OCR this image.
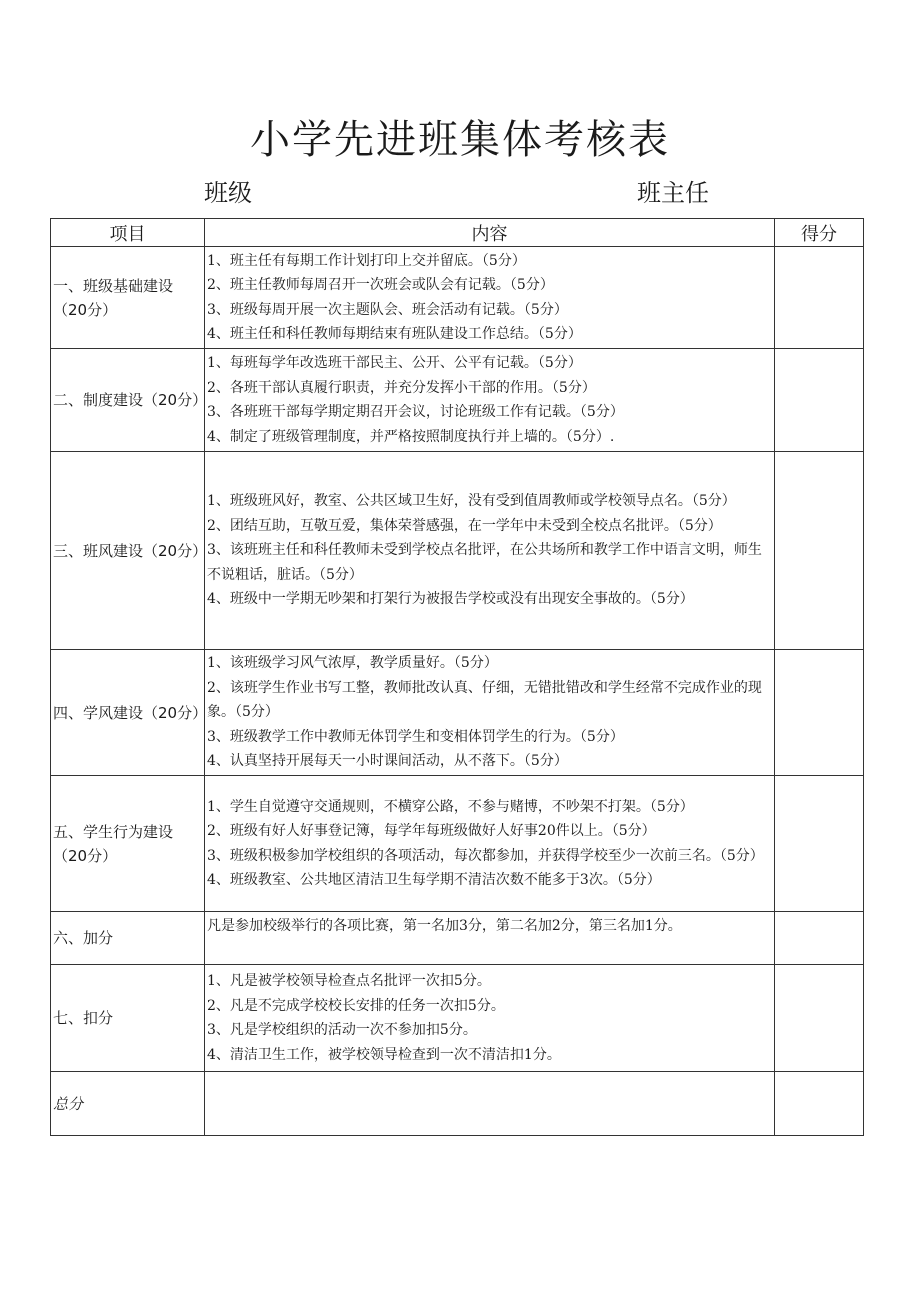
小学先进班集体考核表
班级	班主任
项目	内容	得分
一、班级基础建设（20分）	1、班主任有每期工作计划打印上交并留底。（5分）
2、班主任教师每周召开一次班会或队会有记载。（5分）
3、班级每周开展一次主题队会、班会活动有记载。（5分）
4、班主任和科任教师每期结束有班队建设工作总结。（5分）	

二、制度建设（20分）	1、每班每学年改选班干部民主、公开、公平有记载。（5分）
2、各班干部认真履行职责，并充分发挥小干部的作用。（5分）
3、各班班干部每学期定期召开会议，讨论班级工作有记载。（5分）
4、制定了班级管理制度，并严格按照制度执行并上墙的。（5分）.	

三、班风建设（20分）	1、班级班风好，教室、公共区域卫生好，没有受到值周教师或学校领导点名。（5分）
2、团结互助，互敬互爱，集体荣誉感强，在一学年中未受到全校点名批评。（5分）
3、该班班主任和科任教师未受到学校点名批评，在公共场所和教学工作中语言文明，师生不说粗话，脏话。（5分）
4、班级中一学期无吵架和打架行为被报告学校或没有出现安全事故的。（5分）	

四、学风建设（20分）	1、该班级学习风气浓厚，教学质量好。（5分）
2、该班学生作业书写工整，教师批改认真、仔细，无错批错改和学生经常不完成作业的现象。（5分）
3、班级教学工作中教师无体罚学生和变相体罚学生的行为。（5分）
4、认真坚持开展每天一小时课间活动，从不落下。（5分）	

五、学生行为建设（20分）	1、学生自觉遵守交通规则，不横穿公路，不参与赌博，不吵架不打架。（5分）
2、班级有好人好事登记簿，每学年每班级做好人好事20件以上。（5分）
3、班级积极参加学校组织的各项活动，每次都参加，并获得学校至少一次前三名。（5分）
4、班级教室、公共地区清洁卫生每学期不清洁次数不能多于3次。（5分）	

六、加分	凡是参加校级举行的各项比赛，第一名加3分，第二名加2分，第三名加1分。	

七、扣分	1、凡是被学校领导检查点名批评一次扣5分。
2、凡是不完成学校校长安排的任务一次扣5分。
3、凡是学校组织的活动一次不参加扣5分。
4、清洁卫生工作，被学校领导检查到一次不清洁扣1分。	

总分		
